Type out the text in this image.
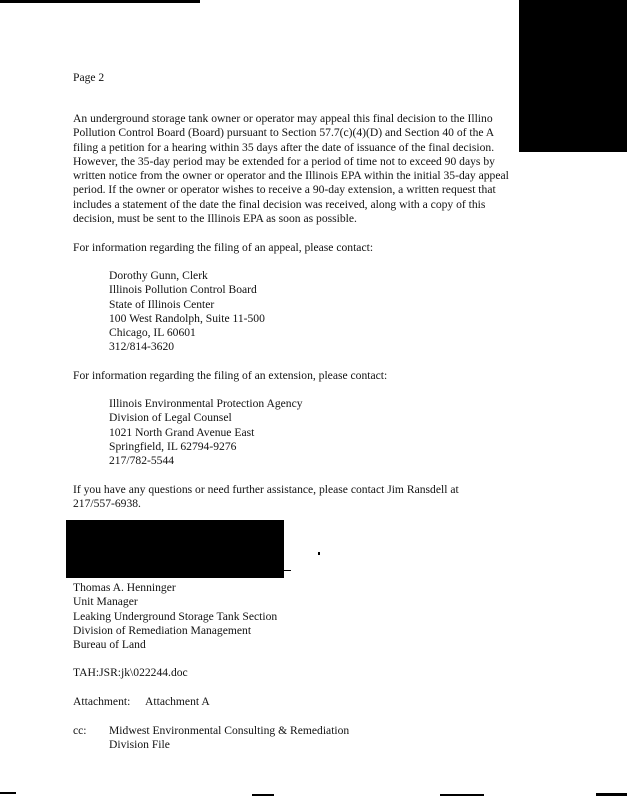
Page 2
An underground storage tank owner or operator may appeal this final decision to the Illino
Pollution Control Board (Board) pursuant to Section 57.7(c)(4)(D) and Section 40 of the A
filing a petition for a hearing within 35 days after the date of issuance of the final decision.
However, the 35-day period may be extended for a period of time not to exceed 90 days by
written notice from the owner or operator and the Illinois EPA within the initial 35-day appeal
period. If the owner or operator wishes to receive a 90-day extension, a written request that
includes a statement of the date the final decision was received, along with a copy of this
decision, must be sent to the Illinois EPA as soon as possible.
For information regarding the filing of an appeal, please contact:
Dorothy Gunn, Clerk
Illinois Pollution Control Board
State of Illinois Center
100 West Randolph, Suite 11-500
Chicago, IL 60601
312/814-3620
For information regarding the filing of an extension, please contact:
Illinois Environmental Protection Agency
Division of Legal Counsel
1021 North Grand Avenue East
Springfield, IL 62794-9276
217/782-5544
If you have any questions or need further assistance, please contact Jim Ransdell at
217/557-6938.
Thomas A. Henninger
Unit Manager
Leaking Underground Storage Tank Section
Division of Remediation Management
Bureau of Land
TAH:JSR:jk\022244.doc
Attachment: Attachment A
cc: Midwest Environmental Consulting & Remediation
Division File
